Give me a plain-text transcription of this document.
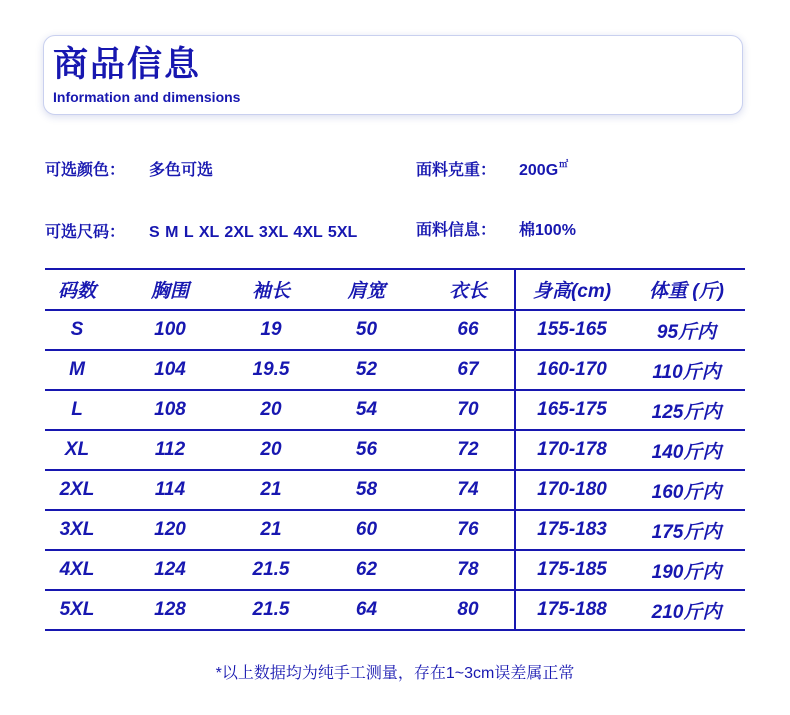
商品信息
Information and dimensions
可选颜色： 多色可选	面料克重： 200G㎡
可选尺码： S M L XL 2XL 3XL 4XL 5XL	面料信息： 棉100%
码数	胸围	袖长	肩宽	衣长	身高(cm)	体重 (斤)
S	100	19	50	66	155-165	95斤内
M	104	19.5	52	67	160-170	110斤内
L	108	20	54	70	165-175	125斤内
XL	112	20	56	72	170-178	140斤内
2XL	114	21	58	74	170-180	160斤内
3XL	120	21	60	76	175-183	175斤内
4XL	124	21.5	62	78	175-185	190斤内
5XL	128	21.5	64	80	175-188	210斤内
*以上数据均为纯手工测量，存在1~3cm误差属正常
